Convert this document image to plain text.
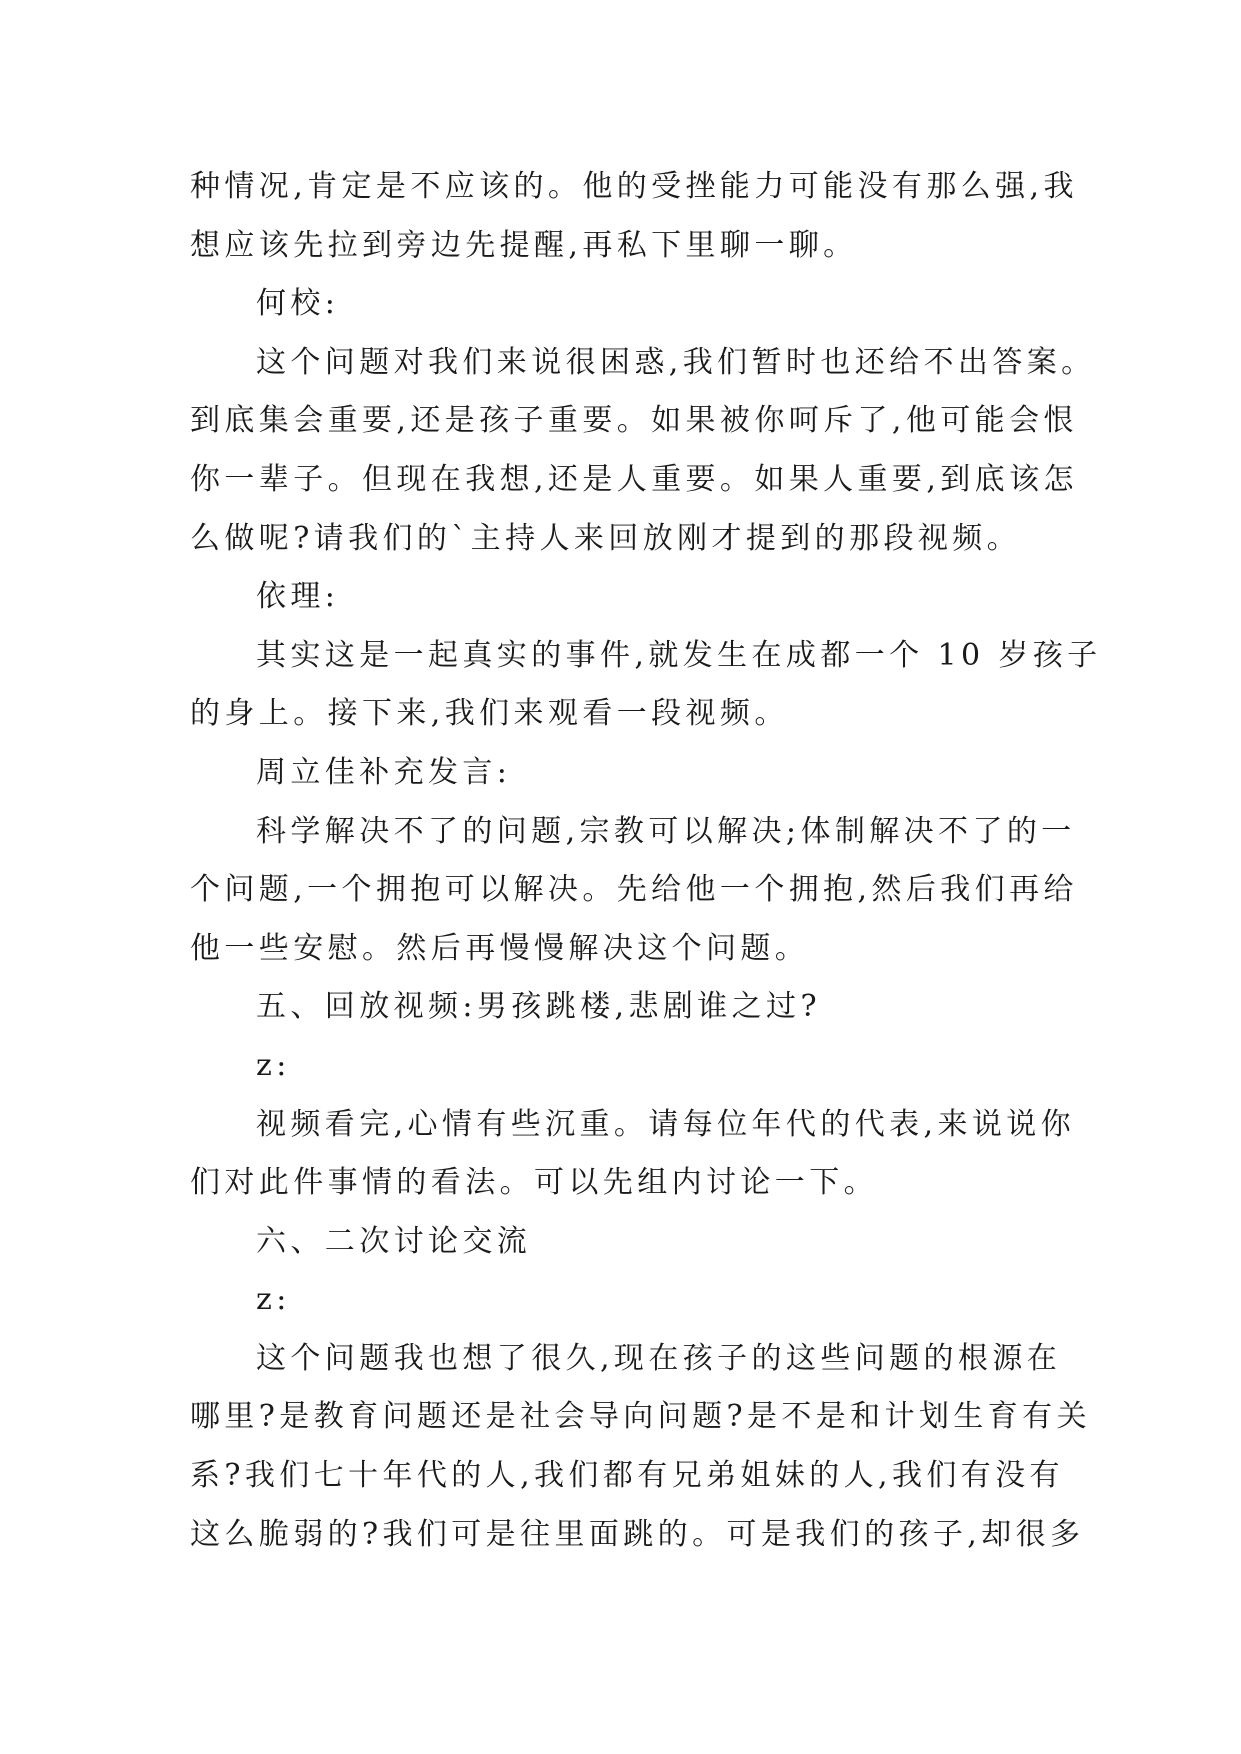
种情况,肯定是不应该的。他的受挫能力可能没有那么强,我
想应该先拉到旁边先提醒,再私下里聊一聊。
何校:
这个问题对我们来说很困惑,我们暂时也还给不出答案。
到底集会重要,还是孩子重要。如果被你呵斥了,他可能会恨
你一辈子。但现在我想,还是人重要。如果人重要,到底该怎
么做呢?请我们的`主持人来回放刚才提到的那段视频。
依理:
其实这是一起真实的事件,就发生在成都一个 10 岁孩子
的身上。接下来,我们来观看一段视频。
周立佳补充发言:
科学解决不了的问题,宗教可以解决;体制解决不了的一
个问题,一个拥抱可以解决。先给他一个拥抱,然后我们再给
他一些安慰。然后再慢慢解决这个问题。
五、回放视频:男孩跳楼,悲剧谁之过?
z:
视频看完,心情有些沉重。请每位年代的代表,来说说你
们对此件事情的看法。可以先组内讨论一下。
六、二次讨论交流
z:
这个问题我也想了很久,现在孩子的这些问题的根源在
哪里?是教育问题还是社会导向问题?是不是和计划生育有关
系?我们七十年代的人,我们都有兄弟姐妹的人,我们有没有
这么脆弱的?我们可是往里面跳的。可是我们的孩子,却很多
